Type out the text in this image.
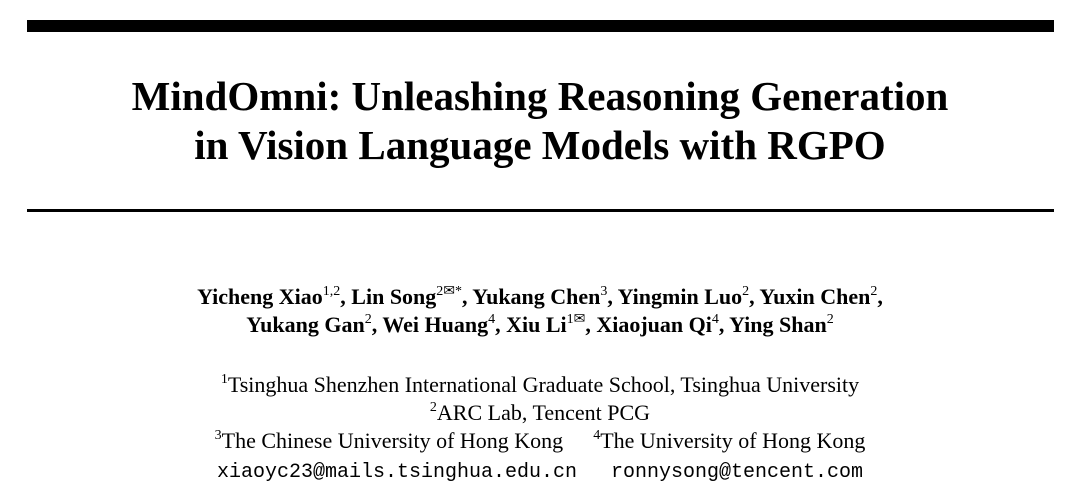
MindOmni: Unleashing Reasoning Generation
in Vision Language Models with RGPO
Yicheng Xiao$^{1,2}$, Lin Song$^{2✉*}$, Yukang Chen$^3$, Yingmin Luo$^2$, Yuxin Chen$^2$,
Yukang Gan$^2$, Wei Huang$^4$, Xiu $Li^{1✉}$, Xiaojuan Qi$^4$, Ying Shan$^2$
$^1$Tsinghua Shenzhen International Graduate School, Tsinghua University
$^2$ARC Lab, Tencent PCG
$^3$The Chinese University of Hong Kong $^4$The University of Hong Kong
xiaoyc23@mails.tsinghua.edu.cn ronnysong@tencent.com
